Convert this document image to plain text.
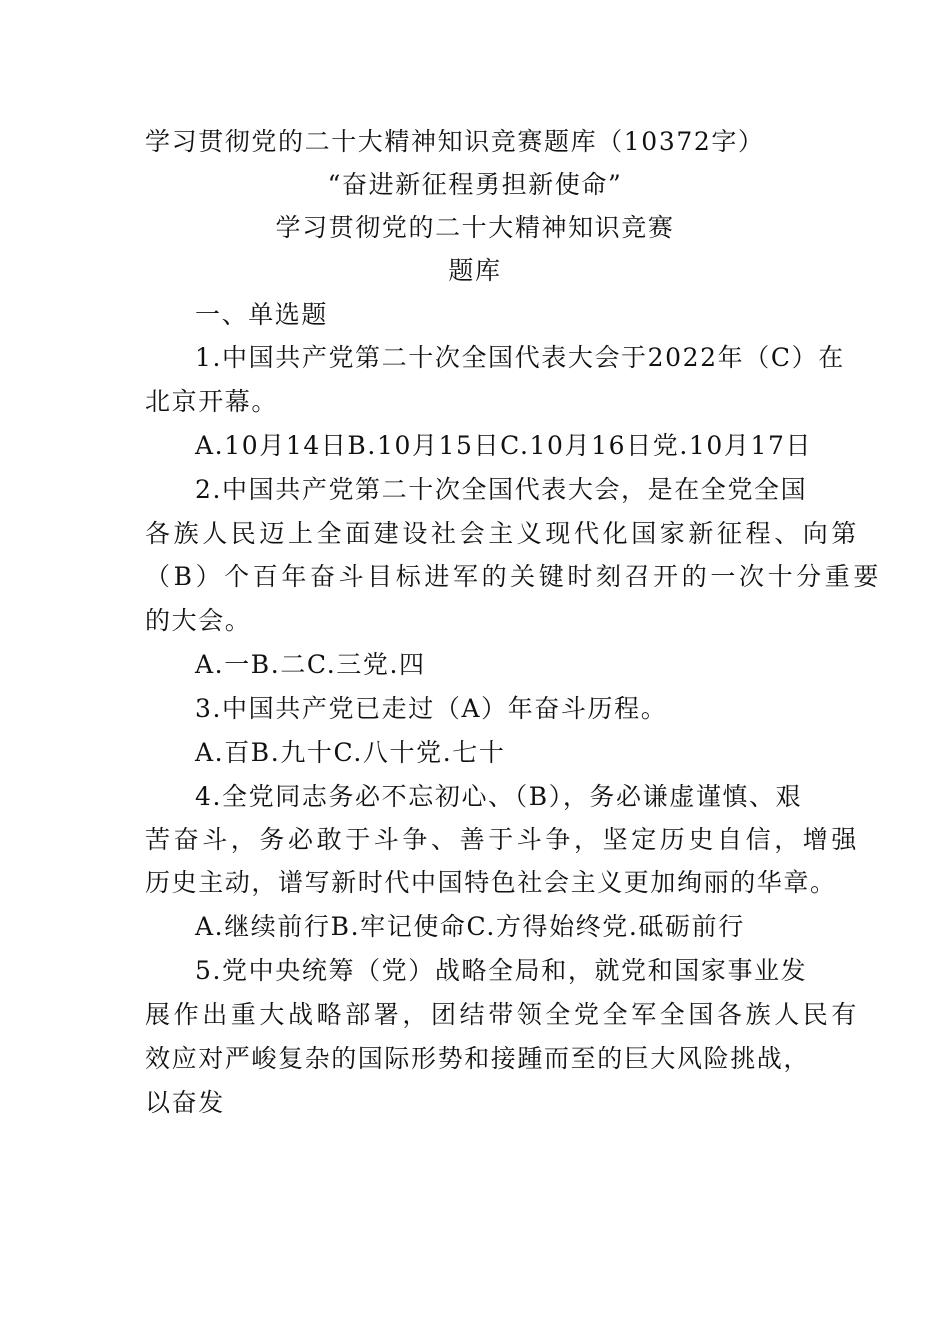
学习贯彻党的二十大精神知识竞赛题库（10372字）
“奋进新征程勇担新使命”
学习贯彻党的二十大精神知识竞赛
题库
一、单选题
1.中国共产党第二十次全国代表大会于2022年（C）在
北京开幕。
A.10月14日B.10月15日C.10月16日党.10月17日
2.中国共产党第二十次全国代表大会，是在全党全国
各族人民迈上全面建设社会主义现代化国家新征程、向第
（B）个百年奋斗目标进军的关键时刻召开的一次十分重要
的大会。
A.一B.二C.三党.四
3.中国共产党已走过（A）年奋斗历程。
A.百B.九十C.八十党.七十
4.全党同志务必不忘初心、（B），务必谦虚谨慎、艰
苦奋斗，务必敢于斗争、善于斗争，坚定历史自信，增强
历史主动，谱写新时代中国特色社会主义更加绚丽的华章。
A.继续前行B.牢记使命C.方得始终党.砥砺前行
5.党中央统筹（党）战略全局和，就党和国家事业发
展作出重大战略部署，团结带领全党全军全国各族人民有
效应对严峻复杂的国际形势和接踵而至的巨大风险挑战，
以奋发
